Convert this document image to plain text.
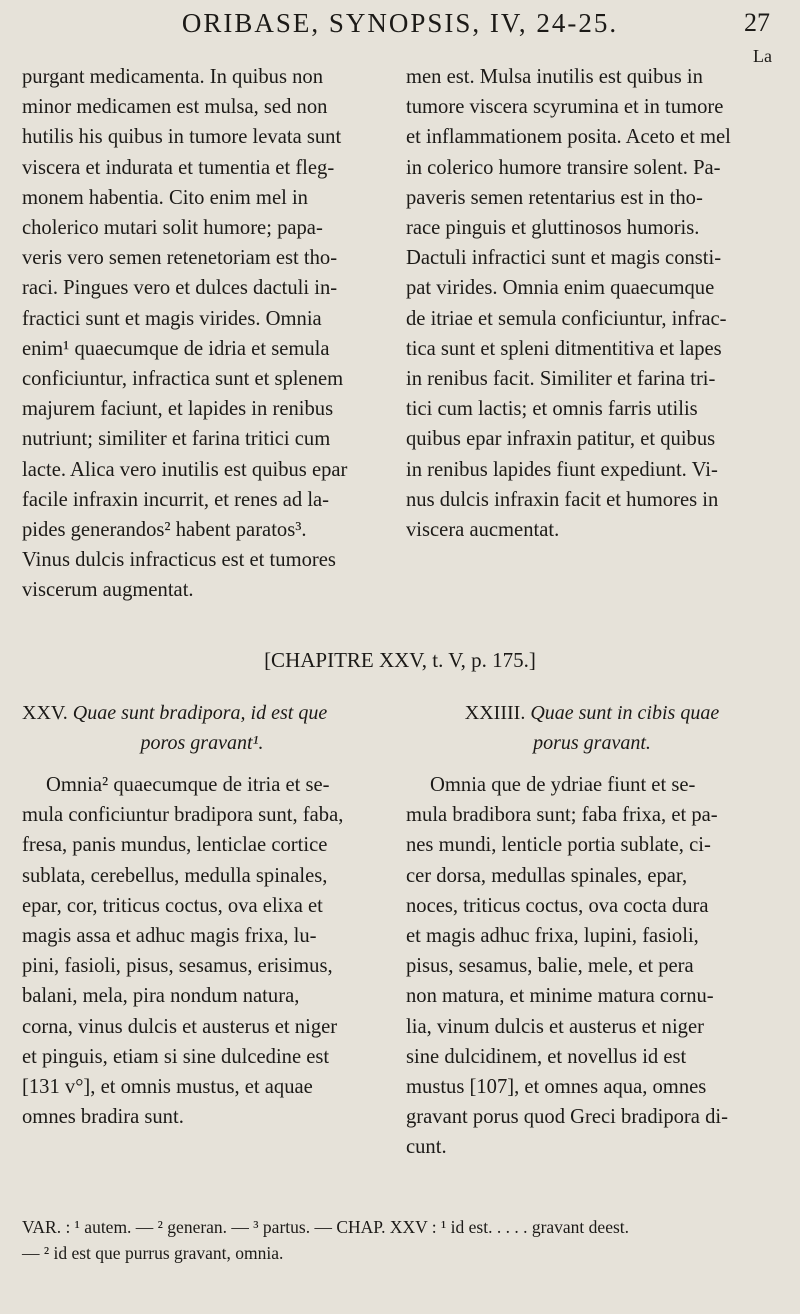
ORIBASE, SYNOPSIS, IV, 24-25.	27
La

purgant medicamenta. In quibus non

minor medicamen est mulsa, sed non

hutilis his quibus in tumore levata sunt

viscera et indurata et tumentia et fleg-

monem habentia. Cito enim mel in

cholerico mutari solit humore; papa-

veris vero semen retenetoriam est tho-

raci. Pingues vero et dulces dactuli in-

fractici sunt et magis virides. Omnia

enim¹ quaecumque de idria et semula

conficiuntur, infractica sunt et splenem

majurem faciunt, et lapides in renibus

nutriunt; similiter et farina tritici cum

lacte. Alica vero inutilis est quibus epar

facile infraxin incurrit, et renes ad la-

pides generandos² habent paratos³.

Vinus dulcis infracticus est et tumores

viscerum augmentat.

men est. Mulsa inutilis est quibus in

tumore viscera scyrumina et in tumore

et inflammationem posita. Aceto et mel

in colerico humore transire solent. Pa-

paveris semen retentarius est in tho-

race pinguis et gluttinosos humoris.

Dactuli infractici sunt et magis consti-

pat virides. Omnia enim quaecumque

de itriae et semula conficiuntur, infrac-

tica sunt et spleni ditmentitiva et lapes

in renibus facit. Similiter et farina tri-

tici cum lactis; et omnis farris utilis

quibus epar infraxin patitur, et quibus

in renibus lapides fiunt expediunt. Vi-

nus dulcis infraxin facit et humores in

viscera aucmentat.

[CHAPITRE XXV, t. V, p. 175.]
XXV. Quae sunt bradipora, id est que
poros gravant¹.
XXIIII. Quae sunt in cibis quae
porus gravant.

Omnia² quaecumque de itria et se-

mula conficiuntur bradipora sunt, faba,

fresa, panis mundus, lenticlae cortice

sublata, cerebellus, medulla spinales,

epar, cor, triticus coctus, ova elixa et

magis assa et adhuc magis frixa, lu-

pini, fasioli, pisus, sesamus, erisimus,

balani, mela, pira nondum natura,

corna, vinus dulcis et austerus et niger

et pinguis, etiam si sine dulcedine est

[131 v°], et omnis mustus, et aquae

omnes bradira sunt.

Omnia que de ydriae fiunt et se-

mula bradibora sunt; faba frixa, et pa-

nes mundi, lenticle portia sublate, ci-

cer dorsa, medullas spinales, epar,

noces, triticus coctus, ova cocta dura

et magis adhuc frixa, lupini, fasioli,

pisus, sesamus, balie, mele, et pera

non matura, et minime matura cornu-

lia, vinum dulcis et austerus et niger

sine dulcidinem, et novellus id est

mustus [107], et omnes aqua, omnes

gravant porus quod Greci bradipora di-

cunt.

VAR. : ¹ autem. — ² generan. — ³ partus. — CHAP. XXV : ¹ id est. . . . . gravant deest.

— ² id est que purrus gravant, omnia.
